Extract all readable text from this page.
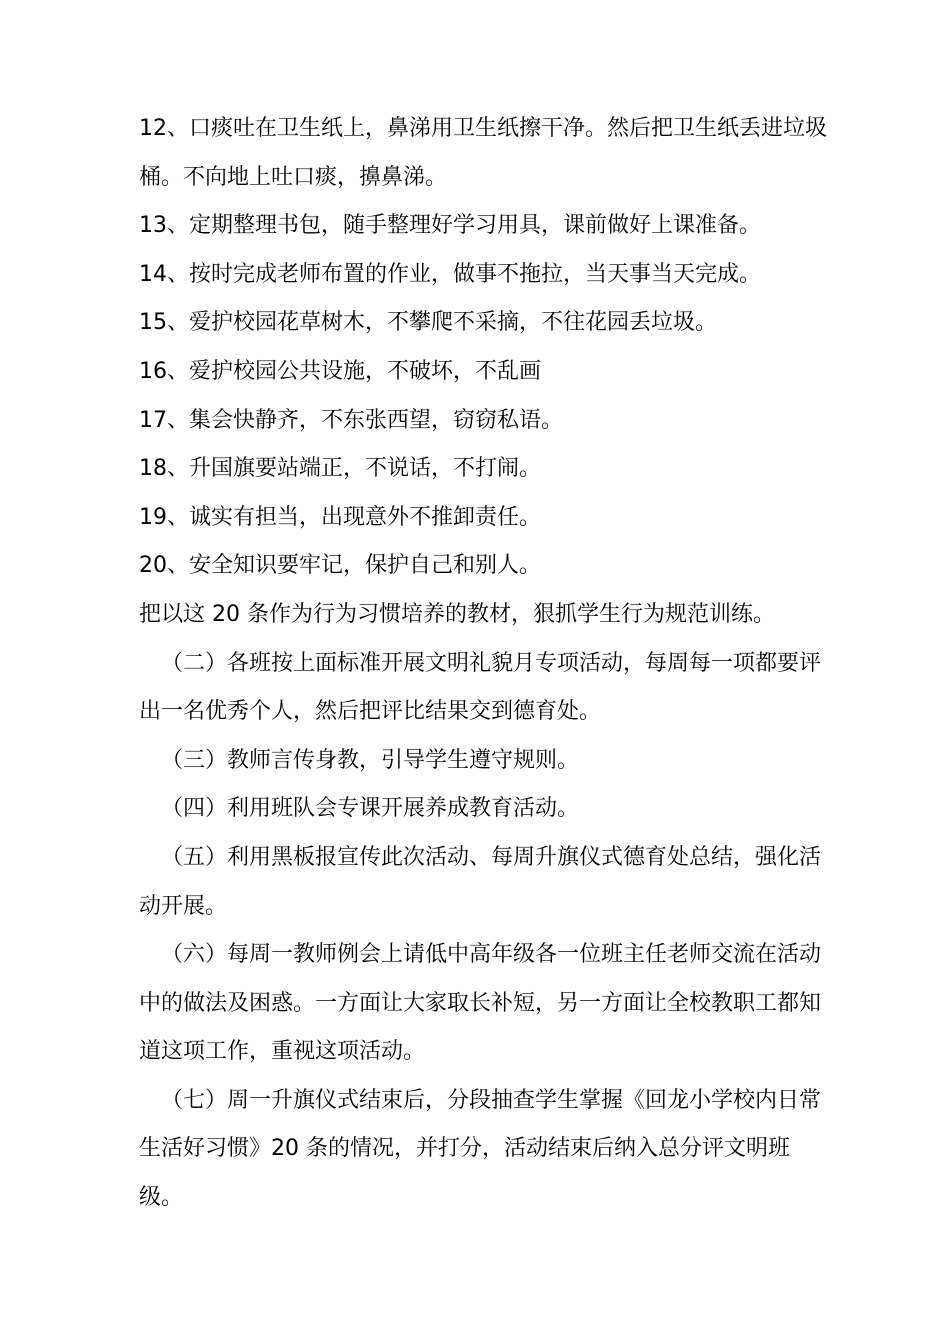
12、口痰吐在卫生纸上，鼻涕用卫生纸擦干净。然后把卫生纸丢进垃圾桶。不向地上吐口痰，擤鼻涕。

13、定期整理书包，随手整理好学习用具，课前做好上课准备。

14、按时完成老师布置的作业，做事不拖拉，当天事当天完成。

15、爱护校园花草树木，不攀爬不采摘，不往花园丢垃圾。

16、爱护校园公共设施，不破坏，不乱画

17、集会快静齐，不东张西望，窃窃私语。

18、升国旗要站端正，不说话，不打闹。

19、诚实有担当，出现意外不推卸责任。

20、安全知识要牢记，保护自己和别人。

把以这 20 条作为行为习惯培养的教材，狠抓学生行为规范训练。

（二）各班按上面标准开展文明礼貌月专项活动，每周每一项都要评出一名优秀个人，然后把评比结果交到德育处。

（三）教师言传身教，引导学生遵守规则。

（四）利用班队会专课开展养成教育活动。

（五）利用黑板报宣传此次活动、每周升旗仪式德育处总结，强化活动开展。

（六）每周一教师例会上请低中高年级各一位班主任老师交流在活动中的做法及困惑。一方面让大家取长补短，另一方面让全校教职工都知道这项工作，重视这项活动。

（七）周一升旗仪式结束后，分段抽查学生掌握《回龙小学校内日常生活好习惯》20 条的情况，并打分，活动结束后纳入总分评文明班级。
